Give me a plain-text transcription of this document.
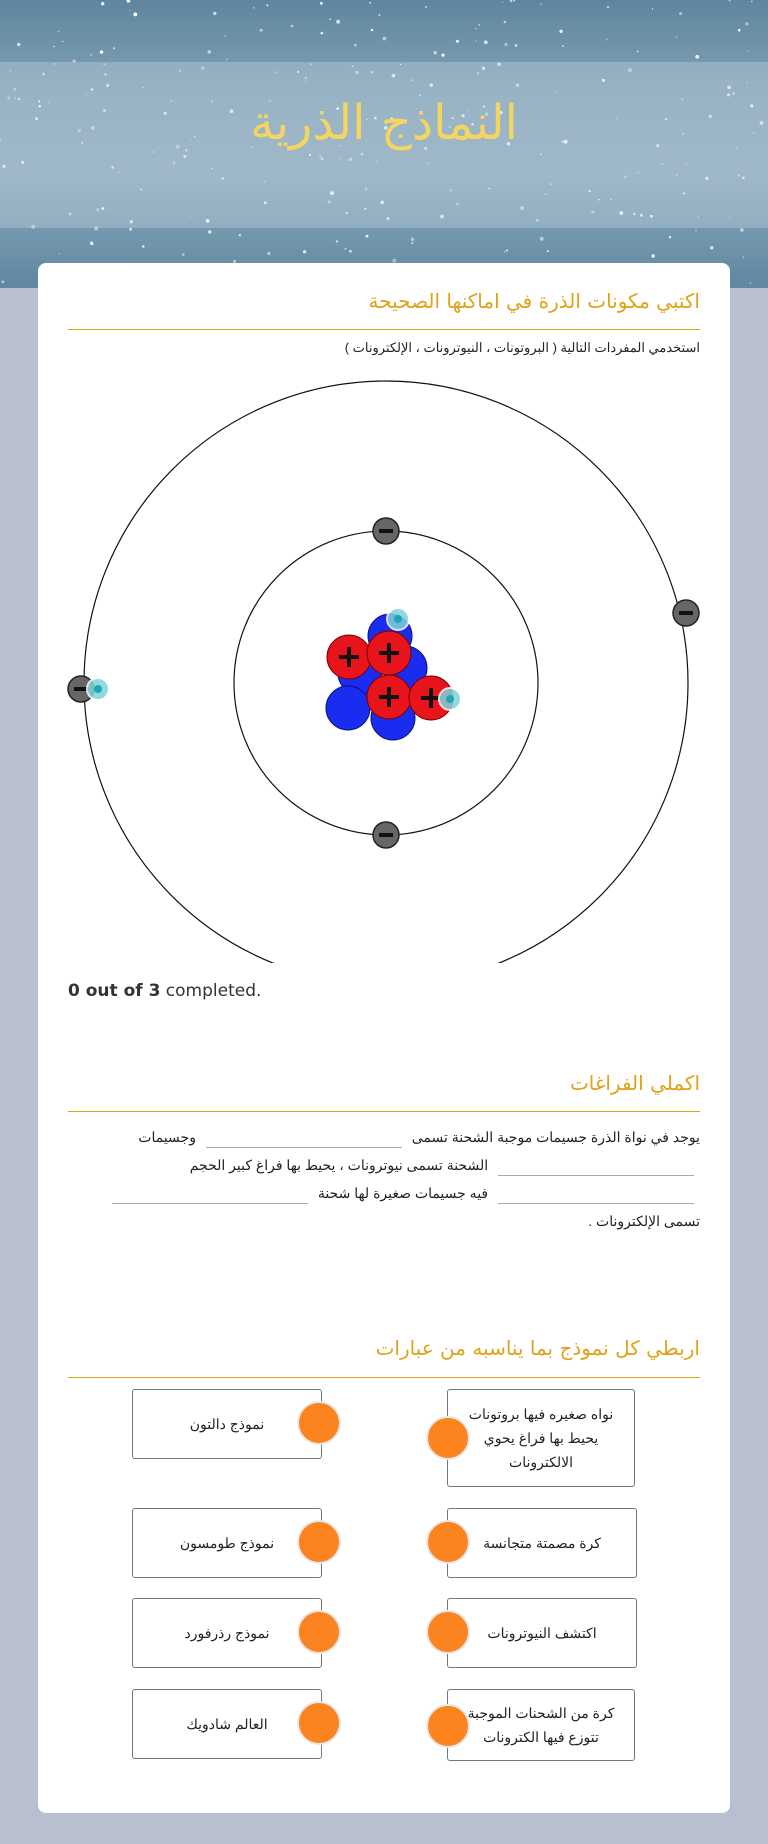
النماذج الذرية
اكتبي مكونات الذرة في اماكنها الصحيحة
استخدمي المفردات التالية ( البروتونات ، النيوترونات ، الإلكترونات )
0 out of 3 completed.
اكملي الفراغات
يوجد في نواة الذرة جسيمات موجبة الشحنة تسمى  وجسيمات  الشحنة تسمى نيوترونات ، يحيط بها فراغ كبير الحجم  فيه جسيمات صغيرة لها شحنة  تسمى الإلكترونات .
اربطي كل نموذج بما يناسبه من عبارات
نموذج دالتون
نموذج طومسون
نموذج رذرفورد
العالم شادويك
نواه صغيره فيها بروتونات يحيط بها فراغ يحوي الالكترونات
كرة مصمتة متجانسة
اكتشف النيوترونات
كرة من الشحنات الموجبة تتوزع فيها الكترونات
